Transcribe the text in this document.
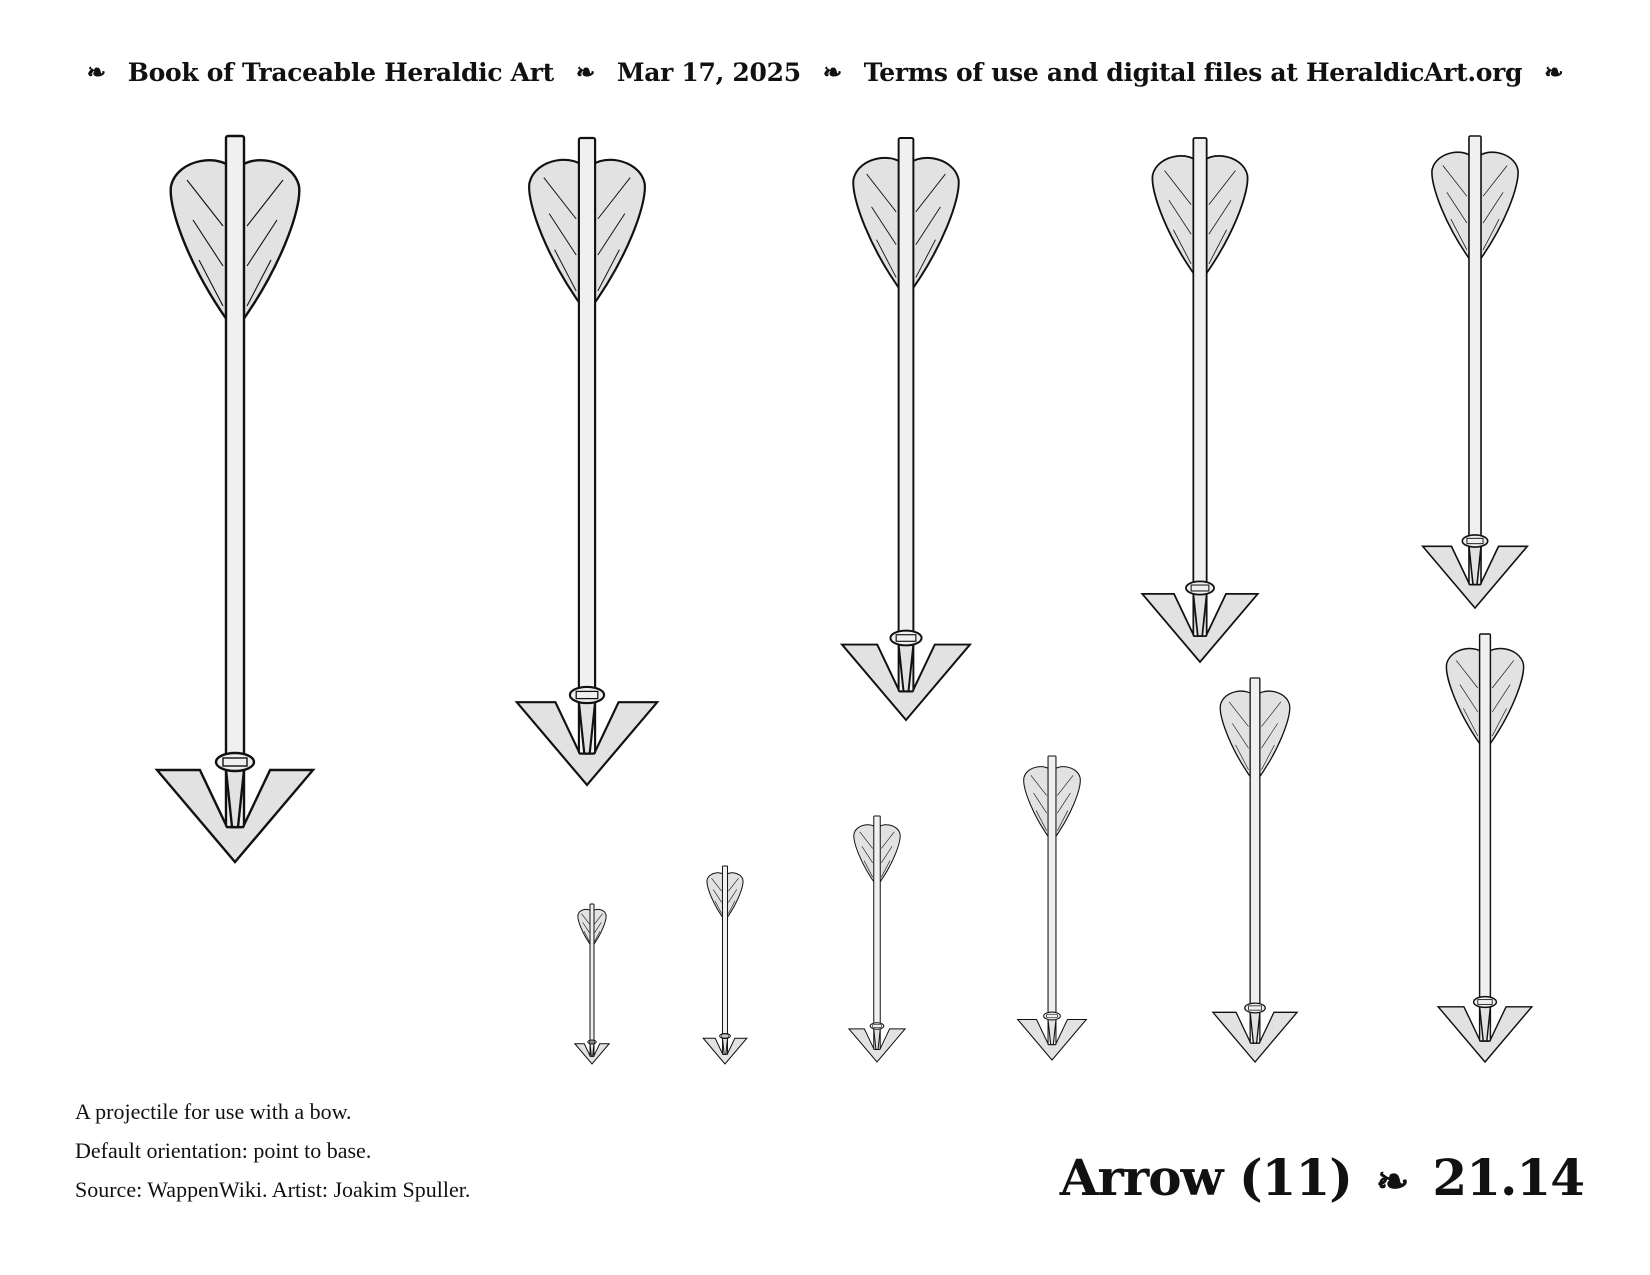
❧ Book of Traceable Heraldic Art ❧ Mar 17, 2025 ❧ Terms of use and digital files at HeraldicArt.org ❧

A projectile for use with a bow.

Default orientation: point to base.

Source: WappenWiki. Artist: Joakim Spuller.	Arrow (11) ❧ 21.14
